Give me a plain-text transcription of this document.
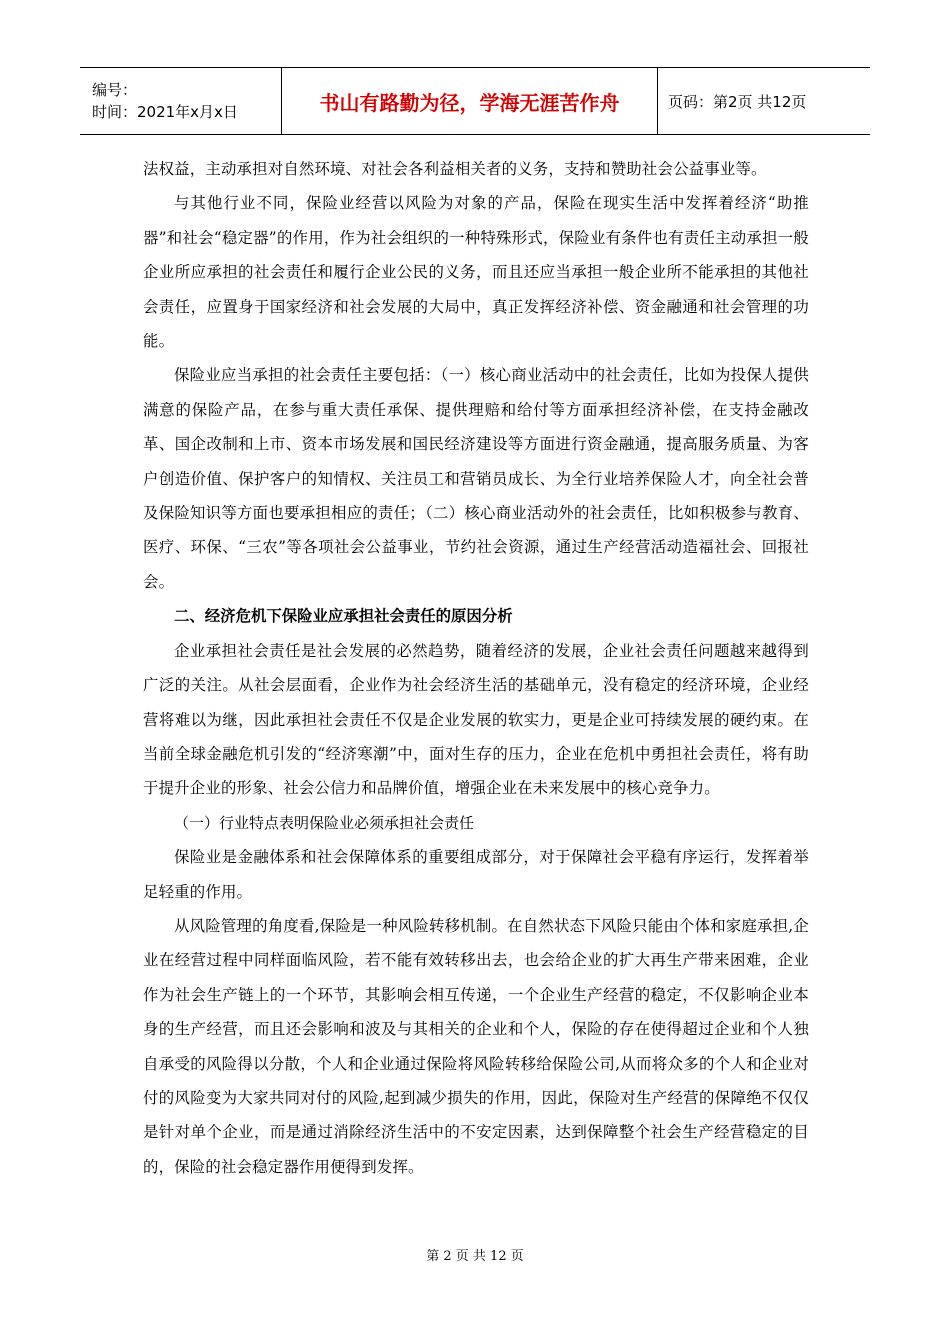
编号：
时间：2021年x月x日	书山有路勤为径，学海无涯苦作舟	页码：第2页 共12页

法权益，主动承担对自然环境、对社会各利益相关者的义务，支持和赞助社会公益事业等。

与其他行业不同，保险业经营以风险为对象的产品，保险在现实生活中发挥着经济“助推器”和社会“稳定器”的作用，作为社会组织的一种特殊形式，保险业有条件也有责任主动承担一般企业所应承担的社会责任和履行企业公民的义务，而且还应当承担一般企业所不能承担的其他社会责任，应置身于国家经济和社会发展的大局中，真正发挥经济补偿、资金融通和社会管理的功能。

保险业应当承担的社会责任主要包括：（一）核心商业活动中的社会责任，比如为投保人提供满意的保险产品，在参与重大责任承保、提供理赔和给付等方面承担经济补偿，在支持金融改革、国企改制和上市、资本市场发展和国民经济建设等方面进行资金融通，提高服务质量、为客户创造价值、保护客户的知情权、关注员工和营销员成长、为全行业培养保险人才，向全社会普及保险知识等方面也要承担相应的责任；（二）核心商业活动外的社会责任，比如积极参与教育、医疗、环保、“三农”等各项社会公益事业，节约社会资源，通过生产经营活动造福社会、回报社会。

二、经济危机下保险业应承担社会责任的原因分析

企业承担社会责任是社会发展的必然趋势，随着经济的发展，企业社会责任问题越来越得到广泛的关注。从社会层面看，企业作为社会经济生活的基础单元，没有稳定的经济环境，企业经营将难以为继，因此承担社会责任不仅是企业发展的软实力，更是企业可持续发展的硬约束。在当前全球金融危机引发的“经济寒潮”中，面对生存的压力，企业在危机中勇担社会责任，将有助于提升企业的形象、社会公信力和品牌价值，增强企业在未来发展中的核心竞争力。

（一）行业特点表明保险业必须承担社会责任

保险业是金融体系和社会保障体系的重要组成部分，对于保障社会平稳有序运行，发挥着举足轻重的作用。

从风险管理的角度看,保险是一种风险转移机制。在自然状态下风险只能由个体和家庭承担,企业在经营过程中同样面临风险，若不能有效转移出去，也会给企业的扩大再生产带来困难，企业作为社会生产链上的一个环节，其影响会相互传递，一个企业生产经营的稳定，不仅影响企业本身的生产经营，而且还会影响和波及与其相关的企业和个人，保险的存在使得超过企业和个人独自承受的风险得以分散，个人和企业通过保险将风险转移给保险公司,从而将众多的个人和企业对付的风险变为大家共同对付的风险,起到减少损失的作用，因此，保险对生产经营的保障绝不仅仅是针对单个企业，而是通过消除经济生活中的不安定因素，达到保障整个社会生产经营稳定的目的，保险的社会稳定器作用便得到发挥。

第 2 页 共 12 页
